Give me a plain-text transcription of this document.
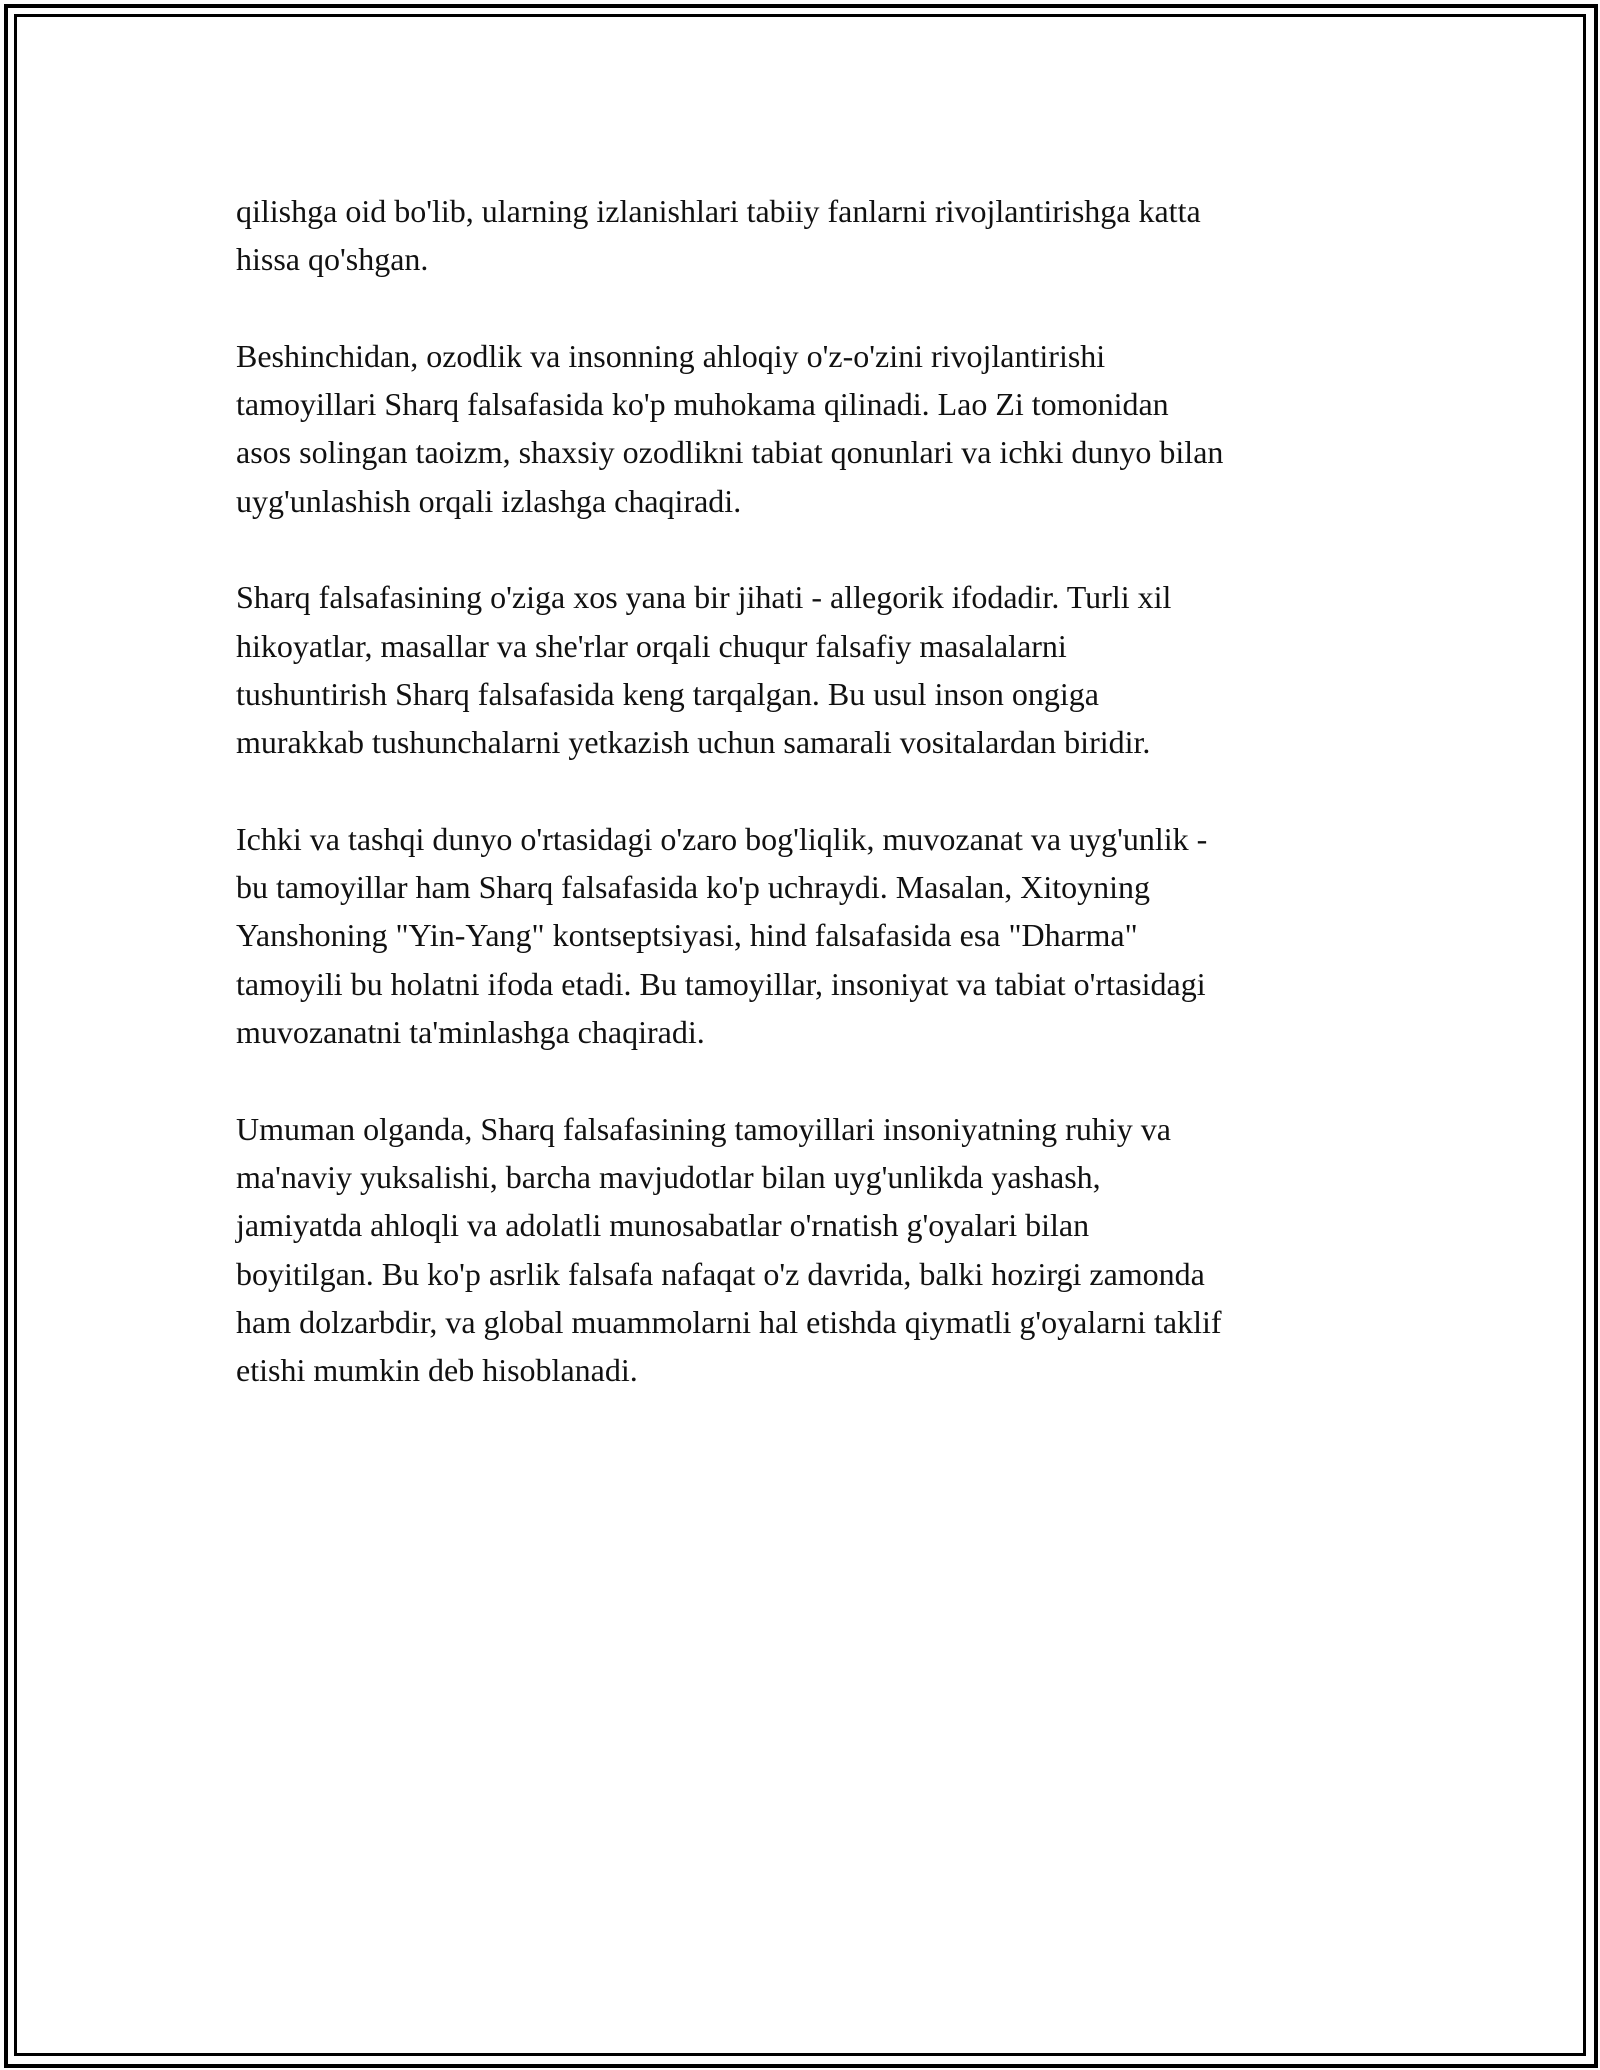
qilishga oid bo'lib, ularning izlanishlari tabiiy fanlarni rivojlantirishga katta
hissa qo'shgan.

Beshinchidan, ozodlik va insonning ahloqiy o'z-o'zini rivojlantirishi
tamoyillari Sharq falsafasida ko'p muhokama qilinadi. Lao Zi tomonidan
asos solingan taoizm, shaxsiy ozodlikni tabiat qonunlari va ichki dunyo bilan
uyg'unlashish orqali izlashga chaqiradi.

Sharq falsafasining o'ziga xos yana bir jihati - allegorik ifodadir. Turli xil
hikoyatlar, masallar va she'rlar orqali chuqur falsafiy masalalarni
tushuntirish Sharq falsafasida keng tarqalgan. Bu usul inson ongiga
murakkab tushunchalarni yetkazish uchun samarali vositalardan biridir.

Ichki va tashqi dunyo o'rtasidagi o'zaro bog'liqlik, muvozanat va uyg'unlik -
bu tamoyillar ham Sharq falsafasida ko'p uchraydi. Masalan, Xitoyning
Yanshoning "Yin-Yang" kontseptsiyasi, hind falsafasida esa "Dharma"
tamoyili bu holatni ifoda etadi. Bu tamoyillar, insoniyat va tabiat o'rtasidagi
muvozanatni ta'minlashga chaqiradi.

Umuman olganda, Sharq falsafasining tamoyillari insoniyatning ruhiy va
ma'naviy yuksalishi, barcha mavjudotlar bilan uyg'unlikda yashash,
jamiyatda ahloqli va adolatli munosabatlar o'rnatish g'oyalari bilan
boyitilgan. Bu ko'p asrlik falsafa nafaqat o'z davrida, balki hozirgi zamonda
ham dolzarbdir, va global muammolarni hal etishda qiymatli g'oyalarni taklif
etishi mumkin deb hisoblanadi.
